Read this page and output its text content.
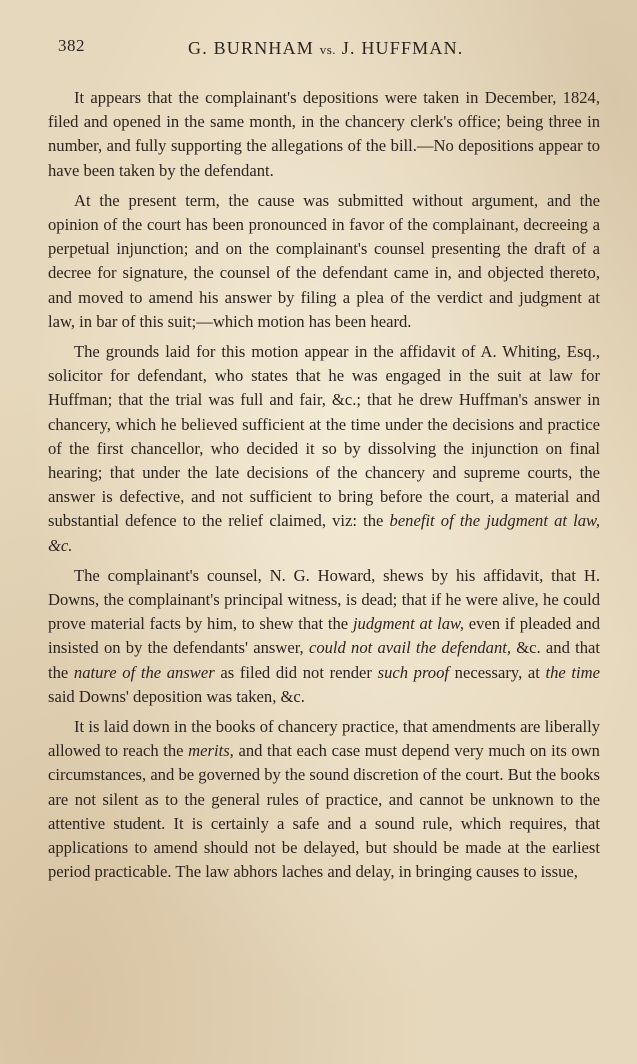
382	G. BURNHAM vs. J. HUFFMAN.

It appears that the complainant's depositions were taken in December, 1824, filed and opened in the same month, in the chancery clerk's office; being three in number, and fully supporting the allegations of the bill.—No depositions appear to have been taken by the defendant.

At the present term, the cause was submitted without argument, and the opinion of the court has been pronounced in favor of the complainant, decreeing a perpetual injunction; and on the complainant's counsel presenting the draft of a decree for signature, the counsel of the defendant came in, and objected thereto, and moved to amend his answer by filing a plea of the verdict and judgment at law, in bar of this suit;—which motion has been heard.

The grounds laid for this motion appear in the affidavit of A. Whiting, Esq., solicitor for defendant, who states that he was engaged in the suit at law for Huffman; that the trial was full and fair, &c.; that he drew Huffman's answer in chancery, which he believed sufficient at the time under the decisions and practice of the first chancellor, who decided it so by dissolving the injunction on final hearing; that under the late decisions of the chancery and supreme courts, the answer is defective, and not sufficient to bring before the court, a material and substantial defence to the relief claimed, viz: the benefit of the judgment at law, &c.

The complainant's counsel, N. G. Howard, shews by his affidavit, that H. Downs, the complainant's principal witness, is dead; that if he were alive, he could prove material facts by him, to shew that the judgment at law, even if pleaded and insisted on by the defendants' answer, could not avail the defendant, &c. and that the nature of the answer as filed did not render such proof necessary, at the time said Downs' deposition was taken, &c.

It is laid down in the books of chancery practice, that amendments are liberally allowed to reach the merits, and that each case must depend very much on its own circumstances, and be governed by the sound discretion of the court. But the books are not silent as to the general rules of practice, and cannot be unknown to the attentive student. It is certainly a safe and a sound rule, which requires, that applications to amend should not be delayed, but should be made at the earliest period practicable. The law abhors laches and delay, in bringing causes to issue,
